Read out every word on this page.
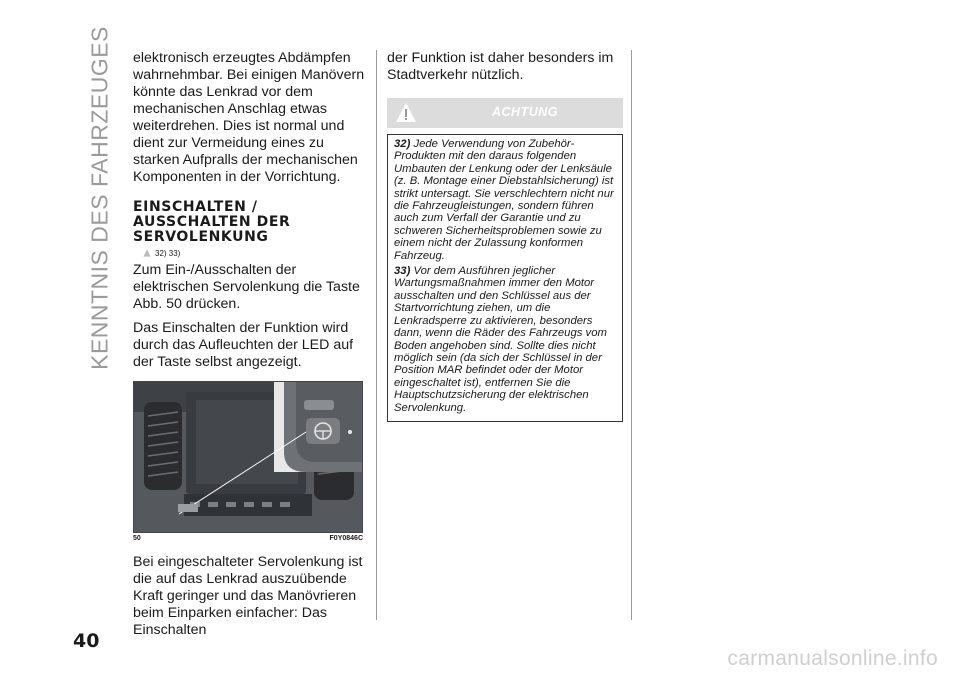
KENNTNIS DES FAHRZEUGES elektronisch erzeugtes Abdämpfen wahrnehmbar. Bei einigen Manövern könnte das Lenkrad vor dem mechanischen Anschlag etwas weiterdrehen. Dies ist normal und dient zur Vermeidung eines zu starken Aufpralls der mechanischen Komponenten in der Vorrichtung.

EINSCHALTEN /
AUSSCHALTEN DER
SERVOLENKUNG
32) 33)

Zum Ein-/Ausschalten der elektrischen Servolenkung die Taste Abb. 50 drücken.

Das Einschalten der Funktion wird durch das Aufleuchten der LED auf der Taste selbst angezeigt.

50	F0Y0846C

Bei eingeschalteter Servolenkung ist die auf das Lenkrad auszuübende Kraft geringer und das Manövrieren beim Einparken einfacher: Das Einschalten

der Funktion ist daher besonders im Stadtverkehr nützlich.

ACHTUNG

32) Jede Verwendung von Zubehör-Produkten mit den daraus folgenden Umbauten der Lenkung oder der Lenksäule (z. B. Montage einer Diebstahlsicherung) ist strikt untersagt. Sie verschlechtern nicht nur die Fahrzeugleistungen, sondern führen auch zum Verfall der Garantie und zu schweren Sicherheitsproblemen sowie zu einem nicht der Zulassung konformen Fahrzeug.

33) Vor dem Ausführen jeglicher Wartungsmaßnahmen immer den Motor ausschalten und den Schlüssel aus der Startvorrichtung ziehen, um die Lenkradsperre zu aktivieren, besonders dann, wenn die Räder des Fahrzeugs vom Boden angehoben sind. Sollte dies nicht möglich sein (da sich der Schlüssel in der Position MAR befindet oder der Motor eingeschaltet ist), entfernen Sie die Hauptschutzsicherung der elektrischen Servolenkung.

40
carmanualsonline.info
